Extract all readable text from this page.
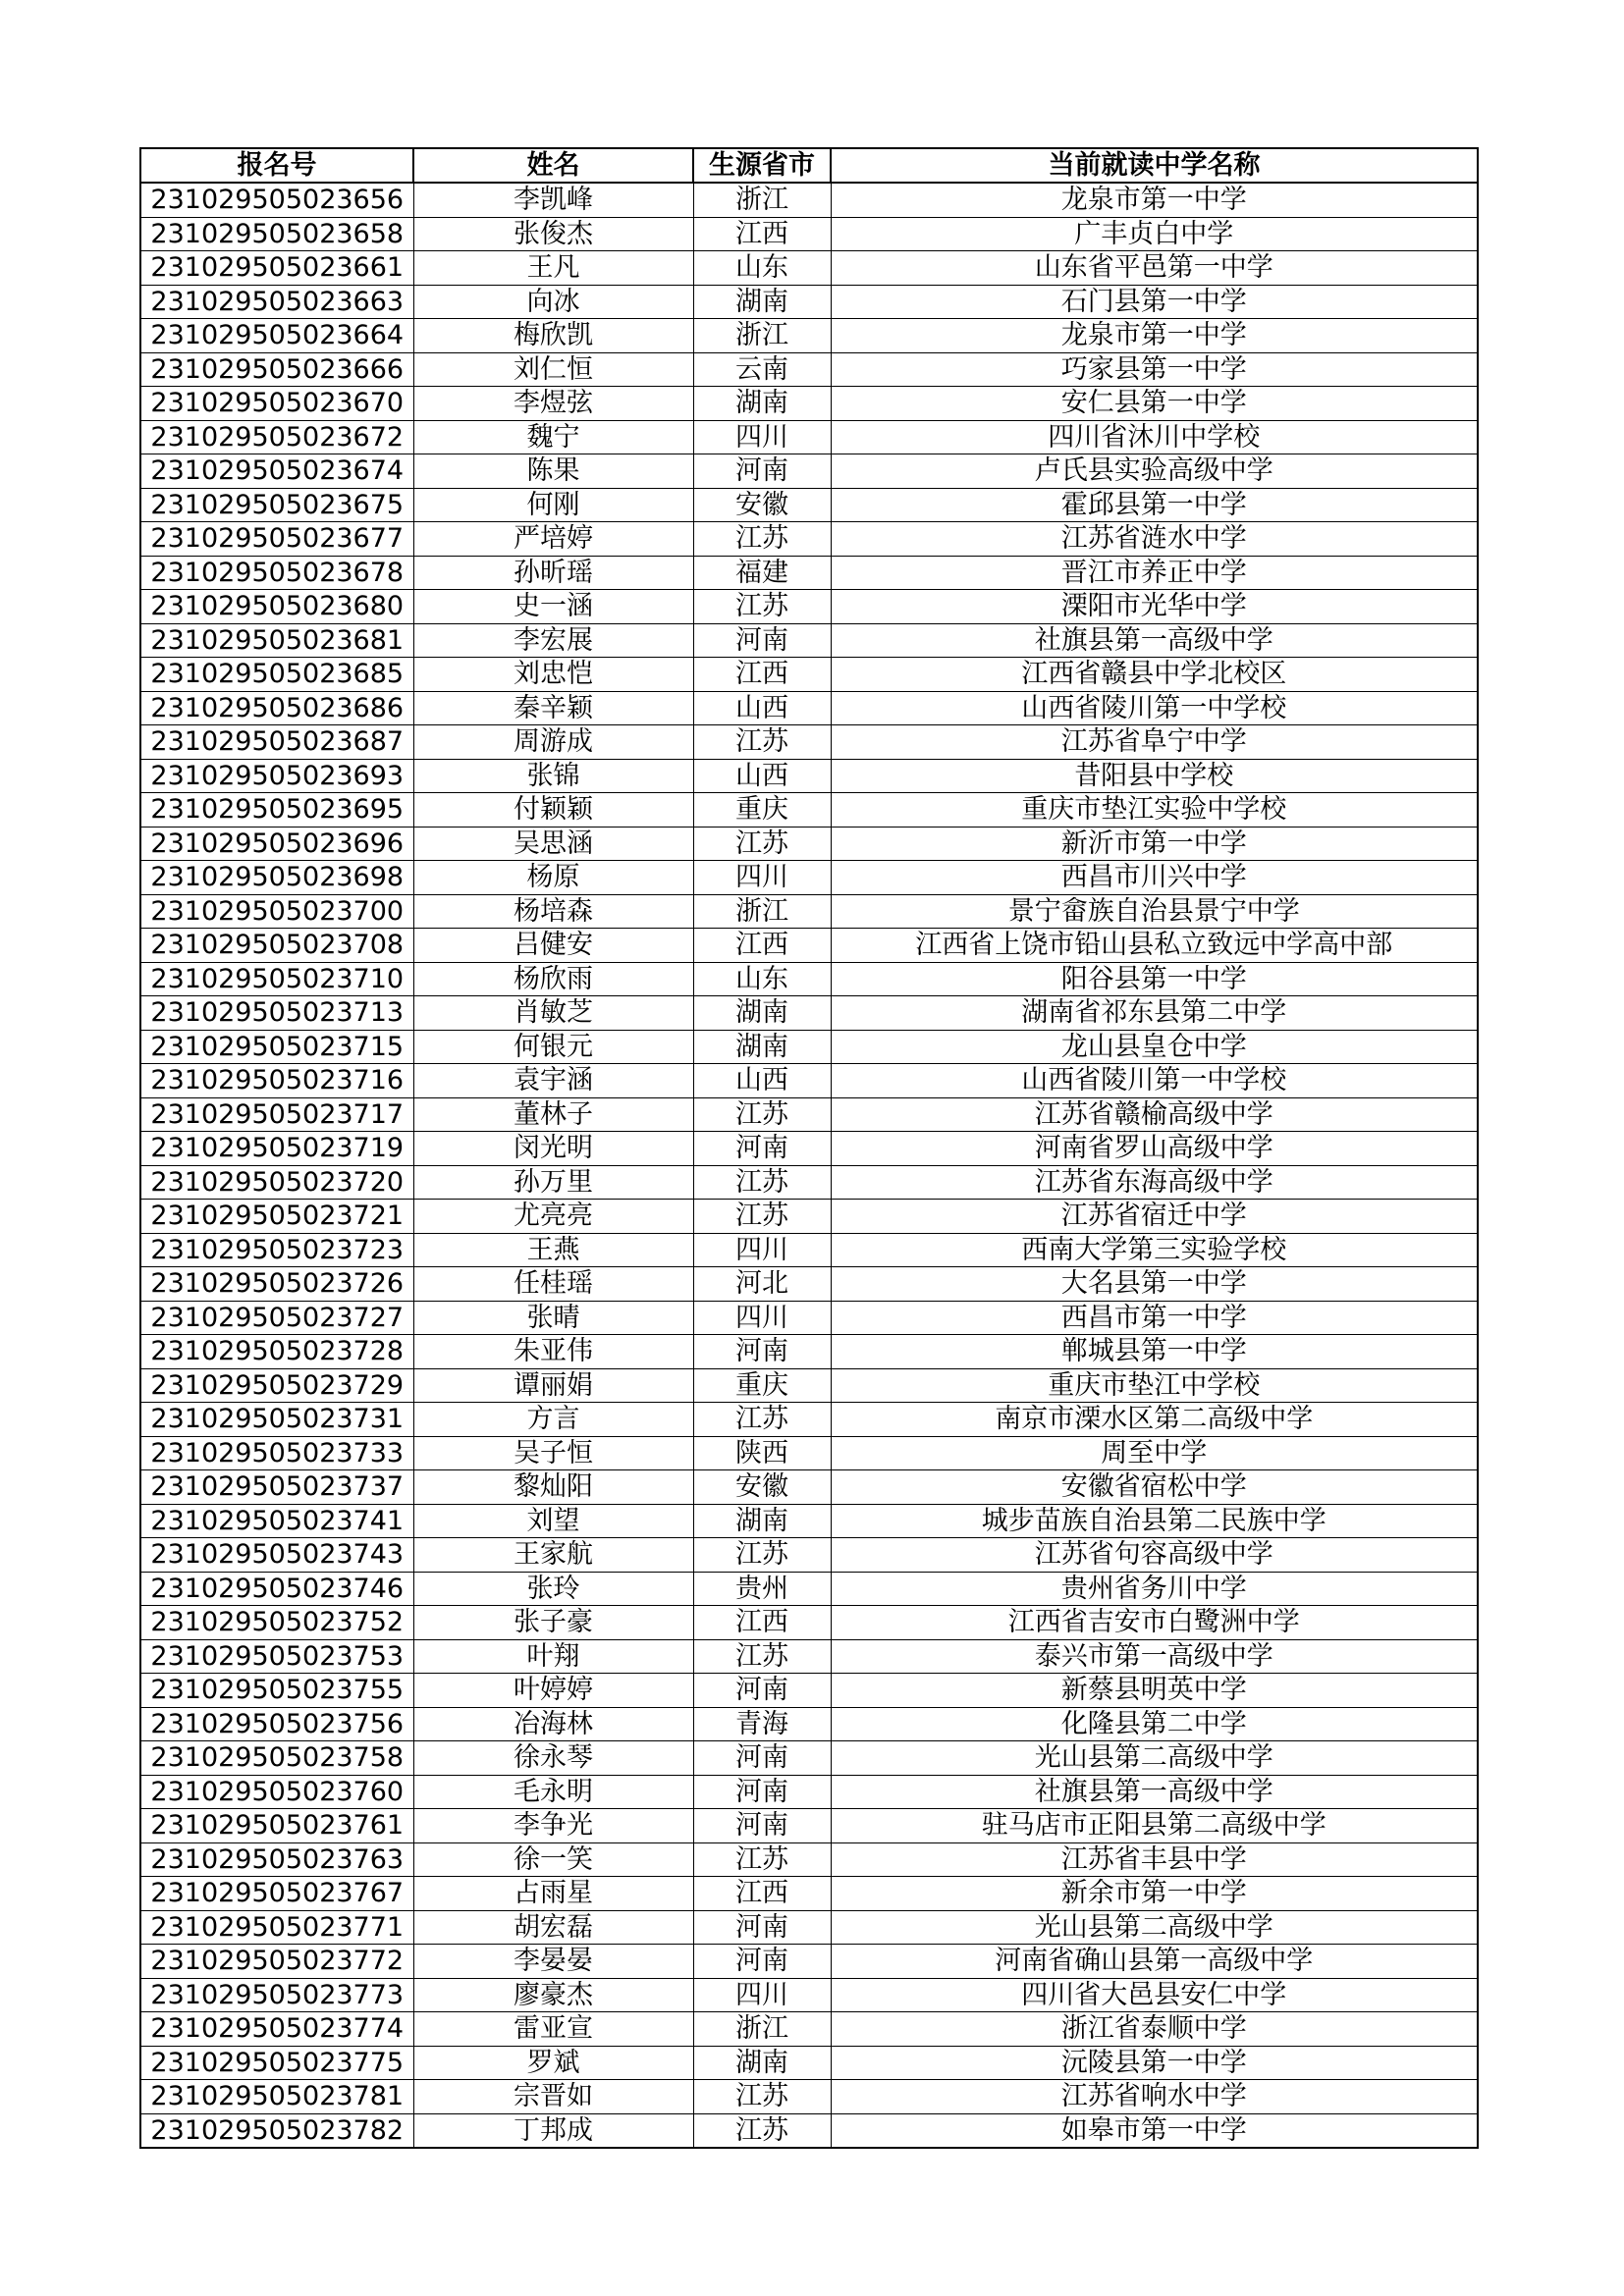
报名号	姓名	生源省市	当前就读中学名称
231029505023656	李凯峰	浙江	龙泉市第一中学
231029505023658	张俊杰	江西	广丰贞白中学
231029505023661	王凡	山东	山东省平邑第一中学
231029505023663	向冰	湖南	石门县第一中学
231029505023664	梅欣凯	浙江	龙泉市第一中学
231029505023666	刘仁恒	云南	巧家县第一中学
231029505023670	李煜弦	湖南	安仁县第一中学
231029505023672	魏宁	四川	四川省沐川中学校
231029505023674	陈果	河南	卢氏县实验高级中学
231029505023675	何刚	安徽	霍邱县第一中学
231029505023677	严培婷	江苏	江苏省涟水中学
231029505023678	孙昕瑶	福建	晋江市养正中学
231029505023680	史一涵	江苏	溧阳市光华中学
231029505023681	李宏展	河南	社旗县第一高级中学
231029505023685	刘忠恺	江西	江西省赣县中学北校区
231029505023686	秦辛颖	山西	山西省陵川第一中学校
231029505023687	周游成	江苏	江苏省阜宁中学
231029505023693	张锦	山西	昔阳县中学校
231029505023695	付颖颖	重庆	重庆市垫江实验中学校
231029505023696	吴思涵	江苏	新沂市第一中学
231029505023698	杨原	四川	西昌市川兴中学
231029505023700	杨培森	浙江	景宁畲族自治县景宁中学
231029505023708	吕健安	江西	江西省上饶市铅山县私立致远中学高中部
231029505023710	杨欣雨	山东	阳谷县第一中学
231029505023713	肖敏芝	湖南	湖南省祁东县第二中学
231029505023715	何银元	湖南	龙山县皇仓中学
231029505023716	袁宇涵	山西	山西省陵川第一中学校
231029505023717	董林子	江苏	江苏省赣榆高级中学
231029505023719	闵光明	河南	河南省罗山高级中学
231029505023720	孙万里	江苏	江苏省东海高级中学
231029505023721	尤亮亮	江苏	江苏省宿迁中学
231029505023723	王燕	四川	西南大学第三实验学校
231029505023726	任桂瑶	河北	大名县第一中学
231029505023727	张晴	四川	西昌市第一中学
231029505023728	朱亚伟	河南	郸城县第一中学
231029505023729	谭丽娟	重庆	重庆市垫江中学校
231029505023731	方言	江苏	南京市溧水区第二高级中学
231029505023733	吴子恒	陕西	周至中学
231029505023737	黎灿阳	安徽	安徽省宿松中学
231029505023741	刘望	湖南	城步苗族自治县第二民族中学
231029505023743	王家航	江苏	江苏省句容高级中学
231029505023746	张玲	贵州	贵州省务川中学
231029505023752	张子豪	江西	江西省吉安市白鹭洲中学
231029505023753	叶翔	江苏	泰兴市第一高级中学
231029505023755	叶婷婷	河南	新蔡县明英中学
231029505023756	冶海林	青海	化隆县第二中学
231029505023758	徐永琴	河南	光山县第二高级中学
231029505023760	毛永明	河南	社旗县第一高级中学
231029505023761	李争光	河南	驻马店市正阳县第二高级中学
231029505023763	徐一笑	江苏	江苏省丰县中学
231029505023767	占雨星	江西	新余市第一中学
231029505023771	胡宏磊	河南	光山县第二高级中学
231029505023772	李晏晏	河南	河南省确山县第一高级中学
231029505023773	廖豪杰	四川	四川省大邑县安仁中学
231029505023774	雷亚宣	浙江	浙江省泰顺中学
231029505023775	罗斌	湖南	沅陵县第一中学
231029505023781	宗晋如	江苏	江苏省响水中学
231029505023782	丁邦成	江苏	如皋市第一中学
